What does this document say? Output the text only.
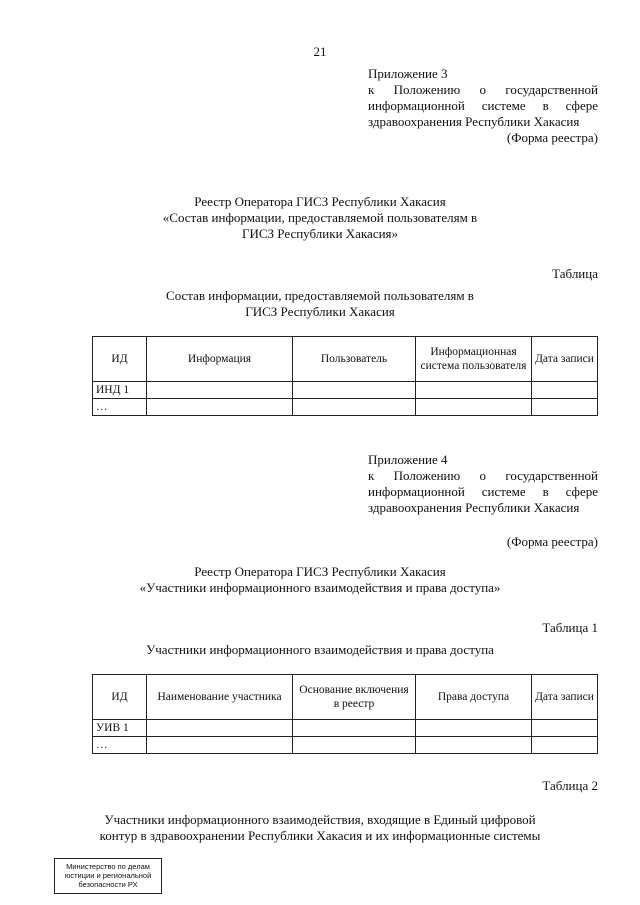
21
Приложение 3
к Положению о государственной информационной системе в сфере здравоохранения Республики Хакасия
(Форма реестра)
Реестр Оператора ГИСЗ Республики Хакасия
«Состав информации, предоставляемой пользователям в
ГИСЗ Республики Хакасия»
Таблица
Состав информации, предоставляемой пользователям в
ГИСЗ Республики Хакасия
ИД	Информация	Пользователь	Информационная система пользователя	Дата записи
ИНД 1				
…				
Приложение 4
к Положению о государственной информационной системе в сфере здравоохранения Республики Хакасия
(Форма реестра)
Реестр Оператора ГИСЗ Республики Хакасия
«Участники информационного взаимодействия и права доступа»
Таблица 1
Участники информационного взаимодействия и права доступа
ИД	Наименование участника	Основание включения в реестр	Права доступа	Дата записи
УИВ 1				
…				
Таблица 2
Участники информационного взаимодействия, входящие в Единый цифровой
контур в здравоохранении Республики Хакасия и их информационные системы
Министерство по делам
юстиции и региональной
безопасности РХ
